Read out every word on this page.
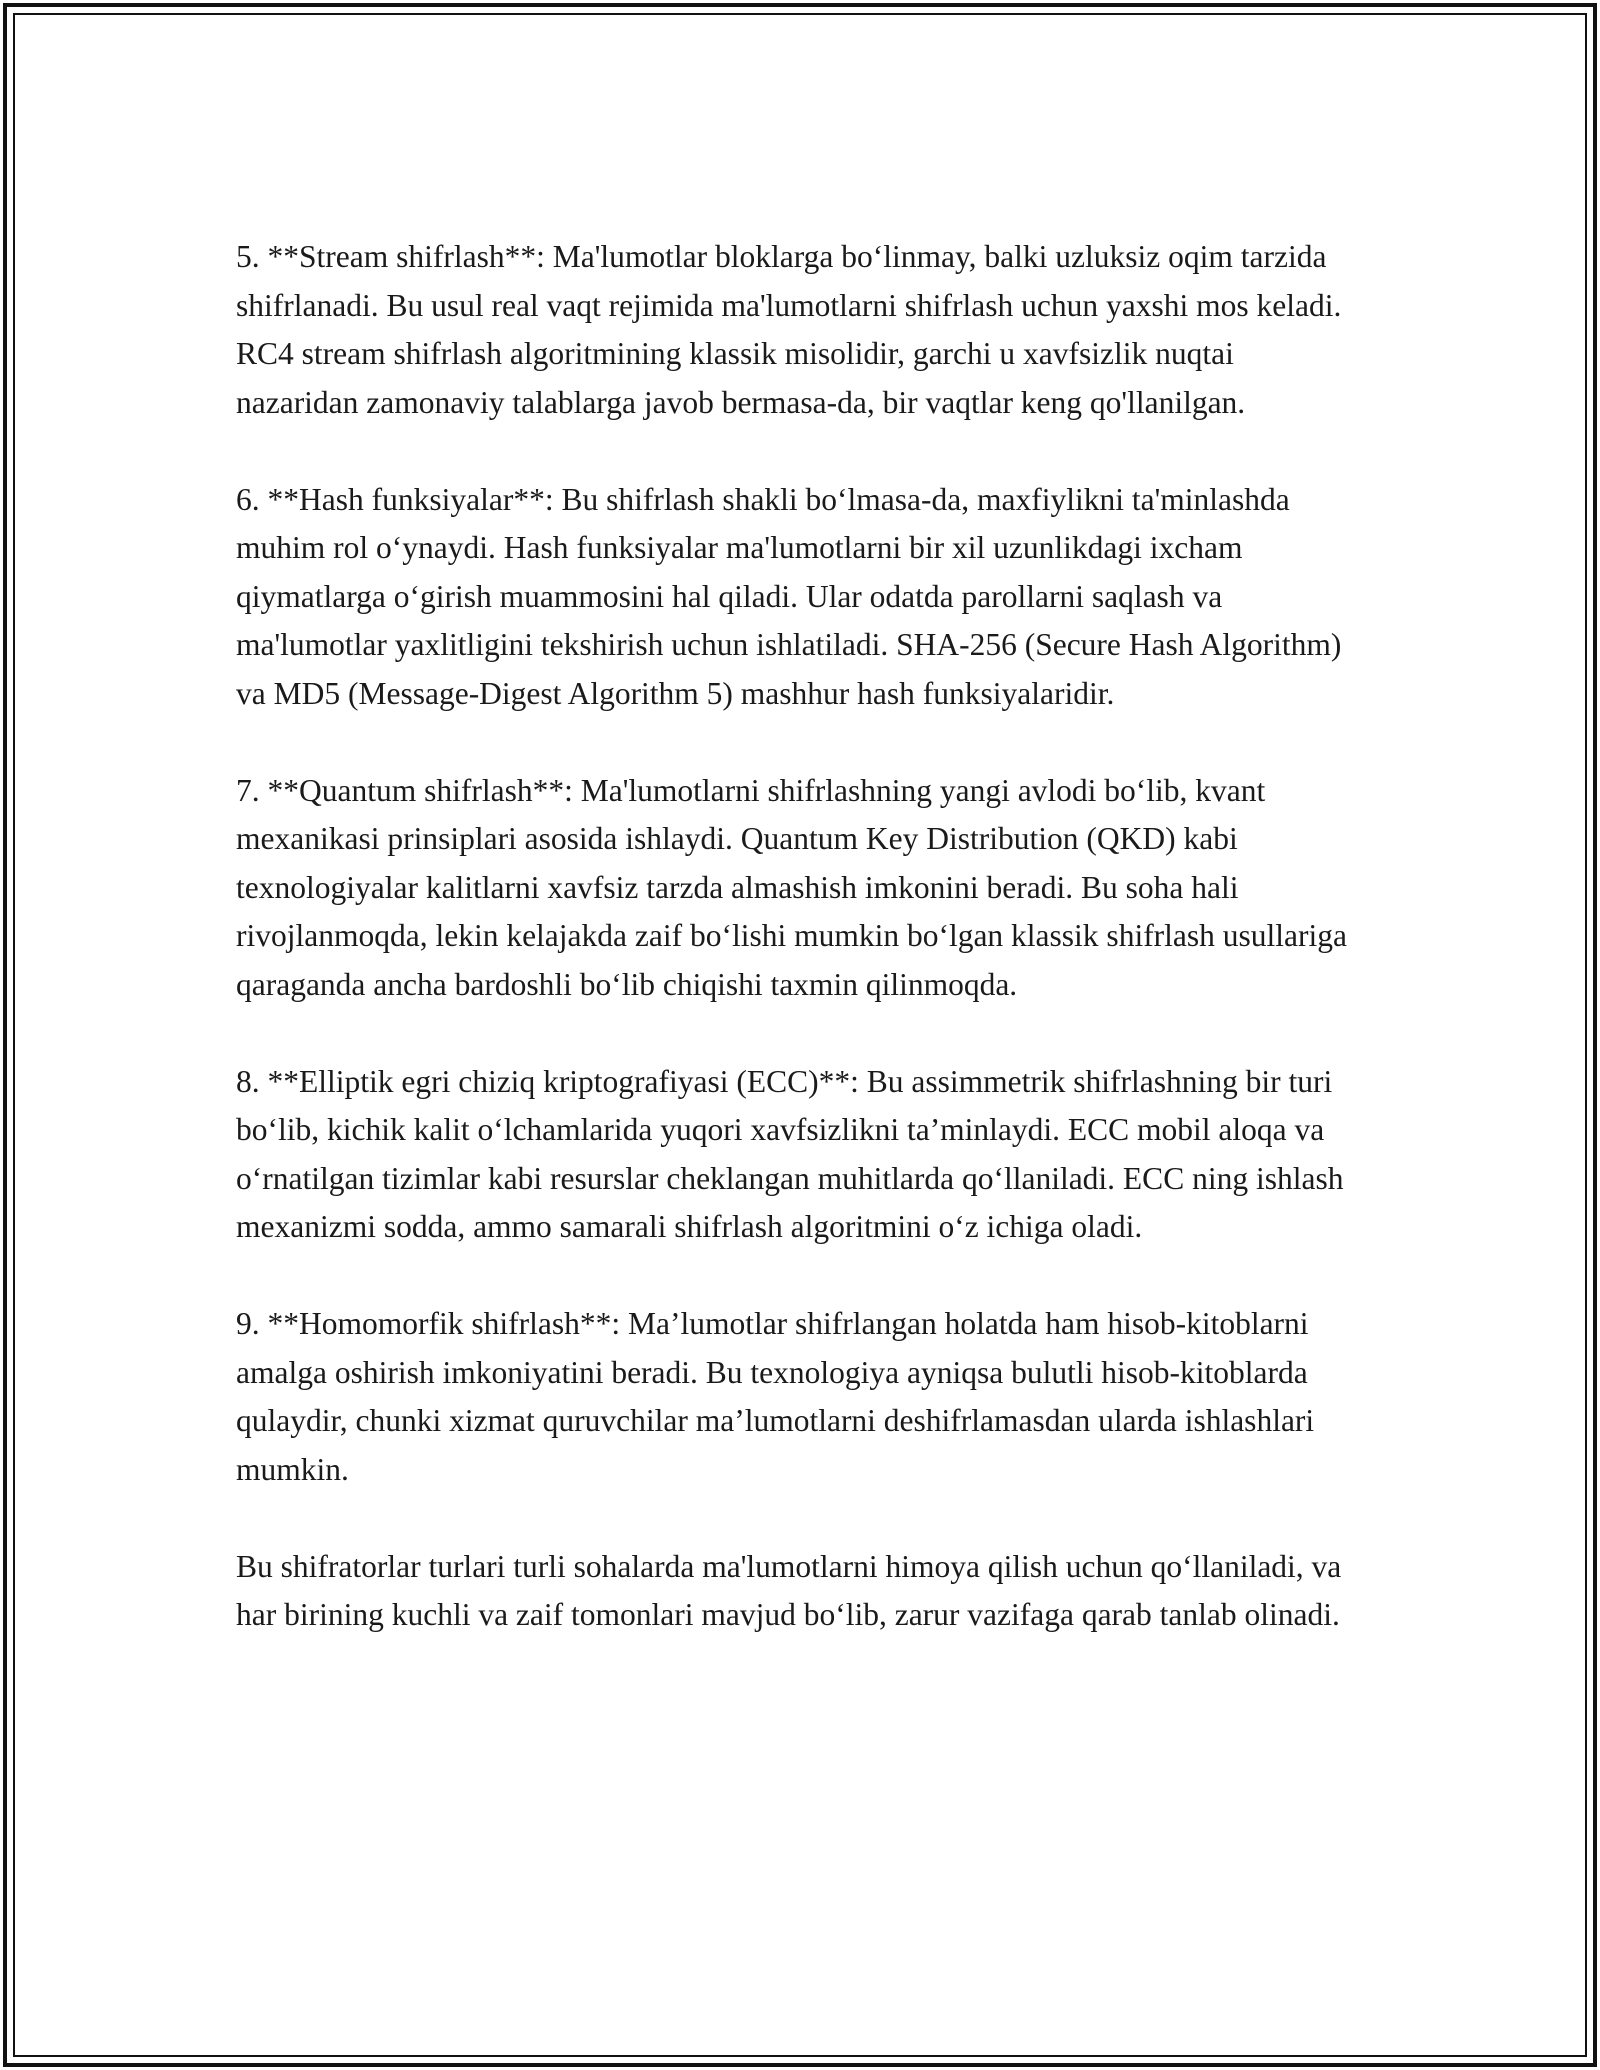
5. **Stream shifrlash**: Ma'lumotlar bloklarga bo‘linmay, balki uzluksiz oqim tarzida shifrlanadi. Bu usul real vaqt rejimida ma'lumotlarni shifrlash uchun yaxshi mos keladi. RC4 stream shifrlash algoritmining klassik misolidir, garchi u xavfsizlik nuqtai nazaridan zamonaviy talablarga javob bermasa-da, bir vaqtlar keng qo'llanilgan.

6. **Hash funksiyalar**: Bu shifrlash shakli bo‘lmasa-da, maxfiylikni ta'minlashda muhim rol o‘ynaydi. Hash funksiyalar ma'lumotlarni bir xil uzunlikdagi ixcham qiymatlarga o‘girish muammosini hal qiladi. Ular odatda parollarni saqlash va ma'lumotlar yaxlitligini tekshirish uchun ishlatiladi. SHA-256 (Secure Hash Algorithm) va MD5 (Message-Digest Algorithm 5) mashhur hash funksiyalaridir.

7. **Quantum shifrlash**: Ma'lumotlarni shifrlashning yangi avlodi bo‘lib, kvant mexanikasi prinsiplari asosida ishlaydi. Quantum Key Distribution (QKD) kabi texnologiyalar kalitlarni xavfsiz tarzda almashish imkonini beradi. Bu soha hali rivojlanmoqda, lekin kelajakda zaif bo‘lishi mumkin bo‘lgan klassik shifrlash usullariga qaraganda ancha bardoshli bo‘lib chiqishi taxmin qilinmoqda.

8. **Elliptik egri chiziq kriptografiyasi (ECC)**: Bu assimmetrik shifrlashning bir turi bo‘lib, kichik kalit o‘lchamlarida yuqori xavfsizlikni ta’minlaydi. ECC mobil aloqa va o‘rnatilgan tizimlar kabi resurslar cheklangan muhitlarda qo‘llaniladi. ECC ning ishlash mexanizmi sodda, ammo samarali shifrlash algoritmini o‘z ichiga oladi.

9. **Homomorfik shifrlash**: Ma’lumotlar shifrlangan holatda ham hisob-kitoblarni amalga oshirish imkoniyatini beradi. Bu texnologiya ayniqsa bulutli hisob-kitoblarda qulaydir, chunki xizmat quruvchilar ma’lumotlarni deshifrlamasdan ularda ishlashlari mumkin.

Bu shifratorlar turlari turli sohalarda ma'lumotlarni himoya qilish uchun qo‘llaniladi, va har birining kuchli va zaif tomonlari mavjud bo‘lib, zarur vazifaga qarab tanlab olinadi.
